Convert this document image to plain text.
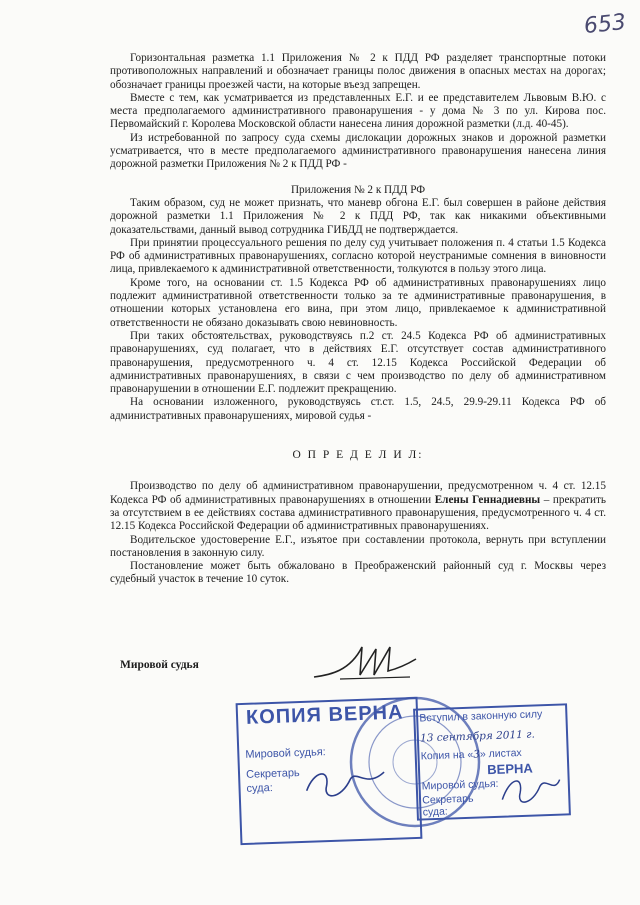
653

Горизонтальная разметка 1.1 Приложения № 2 к ПДД РФ разделяет транспортные потоки противоположных направлений и обозначает границы полос движения в опасных местах на дорогах; обозначает границы проезжей части, на которые въезд запрещен.

Вместе с тем, как усматривается из представленных Е.Г. и ее представителем Львовым В.Ю. с места предполагаемого административного правонарушения - у дома № 3 по ул. Кирова пос. Первомайский г. Королева Московской области нанесена линия дорожной разметки (л.д. 40-45).

Из истребованной по запросу суда схемы дислокации дорожных знаков и дорожной разметки усматривается, что в месте предполагаемого административного правонарушения нанесена линия дорожной разметки Приложения № 2 к ПДД РФ -

Приложения № 2 к ПДД РФ

Таким образом, суд не может признать, что маневр обгона Е.Г. был совершен в районе действия дорожной разметки 1.1 Приложения № 2 к ПДД РФ, так как никакими объективными доказательствами, данный вывод сотрудника ГИБДД не подтверждается.

При принятии процессуального решения по делу суд учитывает положения п. 4 статьи 1.5 Кодекса РФ об административных правонарушениях, согласно которой неустранимые сомнения в виновности лица, привлекаемого к административной ответственности, толкуются в пользу этого лица.

Кроме того, на основании ст. 1.5 Кодекса РФ об административных правонарушениях лицо подлежит административной ответственности только за те административные правонарушения, в отношении которых установлена его вина, при этом лицо, привлекаемое к административной ответственности не обязано доказывать свою невиновность.

При таких обстоятельствах, руководствуясь п.2 ст. 24.5 Кодекса РФ об административных правонарушениях, суд полагает, что в действиях Е.Г. отсутствует состав административного правонарушения, предусмотренного ч. 4 ст. 12.15 Кодекса Российской Федерации об административных правонарушениях, в связи с чем производство по делу об административном правонарушении в отношении Е.Г. подлежит прекращению.

На основании изложенного, руководствуясь ст.ст. 1.5, 24.5, 29.9-29.11 Кодекса РФ об административных правонарушениях, мировой судья -

О П Р Е Д Е Л И Л:

Производство по делу об административном правонарушении, предусмотренном ч. 4 ст. 12.15 Кодекса РФ об административных правонарушениях в отношении Елены Геннадиевны – прекратить за отсутствием в ее действиях состава административного правонарушения, предусмотренного ч. 4 ст. 12.15 Кодекса Российской Федерации об административных правонарушениях.

Водительское удостоверение Е.Г., изъятое при составлении протокола, вернуть при вступлении постановления в законную силу.

Постановление может быть обжаловано в Преображенский районный суд г. Москвы через судебный участок в течение 10 суток.

Мировой судья
КОПИЯ ВЕРНА
Мировой судья:
Секретарь
суда:
Вступил в законную силу
13 сентября 2011 г.
Копия на «3» листах
ВЕРНА
Мировой судья:
Секретарь
суда:
